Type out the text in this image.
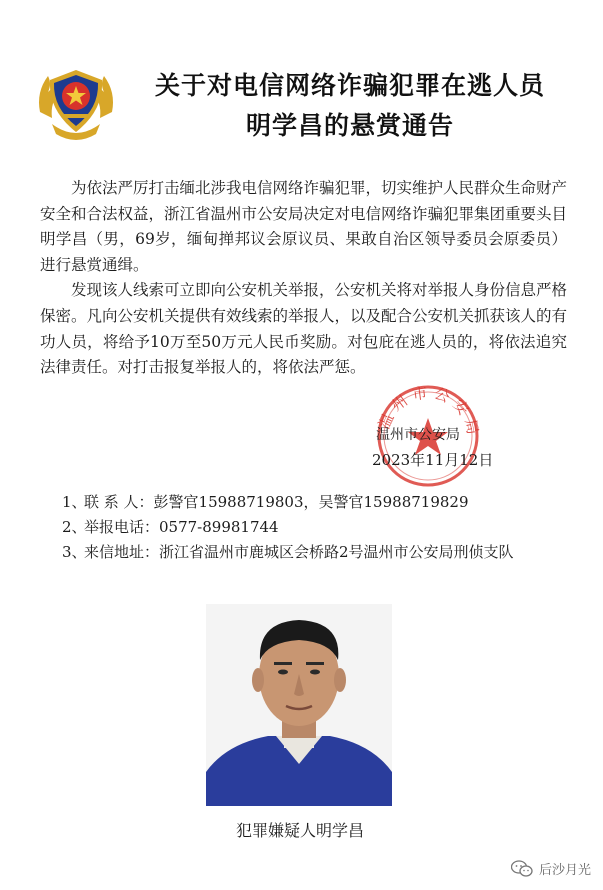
关于对电信网络诈骗犯罪在逃人员
明学昌的悬赏通告

为依法严厉打击缅北涉我电信网络诈骗犯罪，切实维护人民群众生命财产安全和合法权益，浙江省温州市公安局决定对电信网络诈骗犯罪集团重要头目明学昌（男，69岁，缅甸掸邦议会原议员、果敢自治区领导委员会原委员）进行悬赏通缉。

发现该人线索可立即向公安机关举报，公安机关将对举报人身份信息严格保密。凡向公安机关提供有效线索的举报人，以及配合公安机关抓获该人的有功人员，将给予10万至50万元人民币奖励。对包庇在逃人员的，将依法追究法律责任。对打击报复举报人的，将依法严惩。

温州市公安局
温州市公安局
2023年11月12日
1、
联 系 人：彭警官15988719803，吴警官15988719829
2、
举报电话：0577-89981744
3、
来信地址：浙江省温州市鹿城区会桥路2号温州市公安局刑侦支队
犯罪嫌疑人明学昌
后沙月光
